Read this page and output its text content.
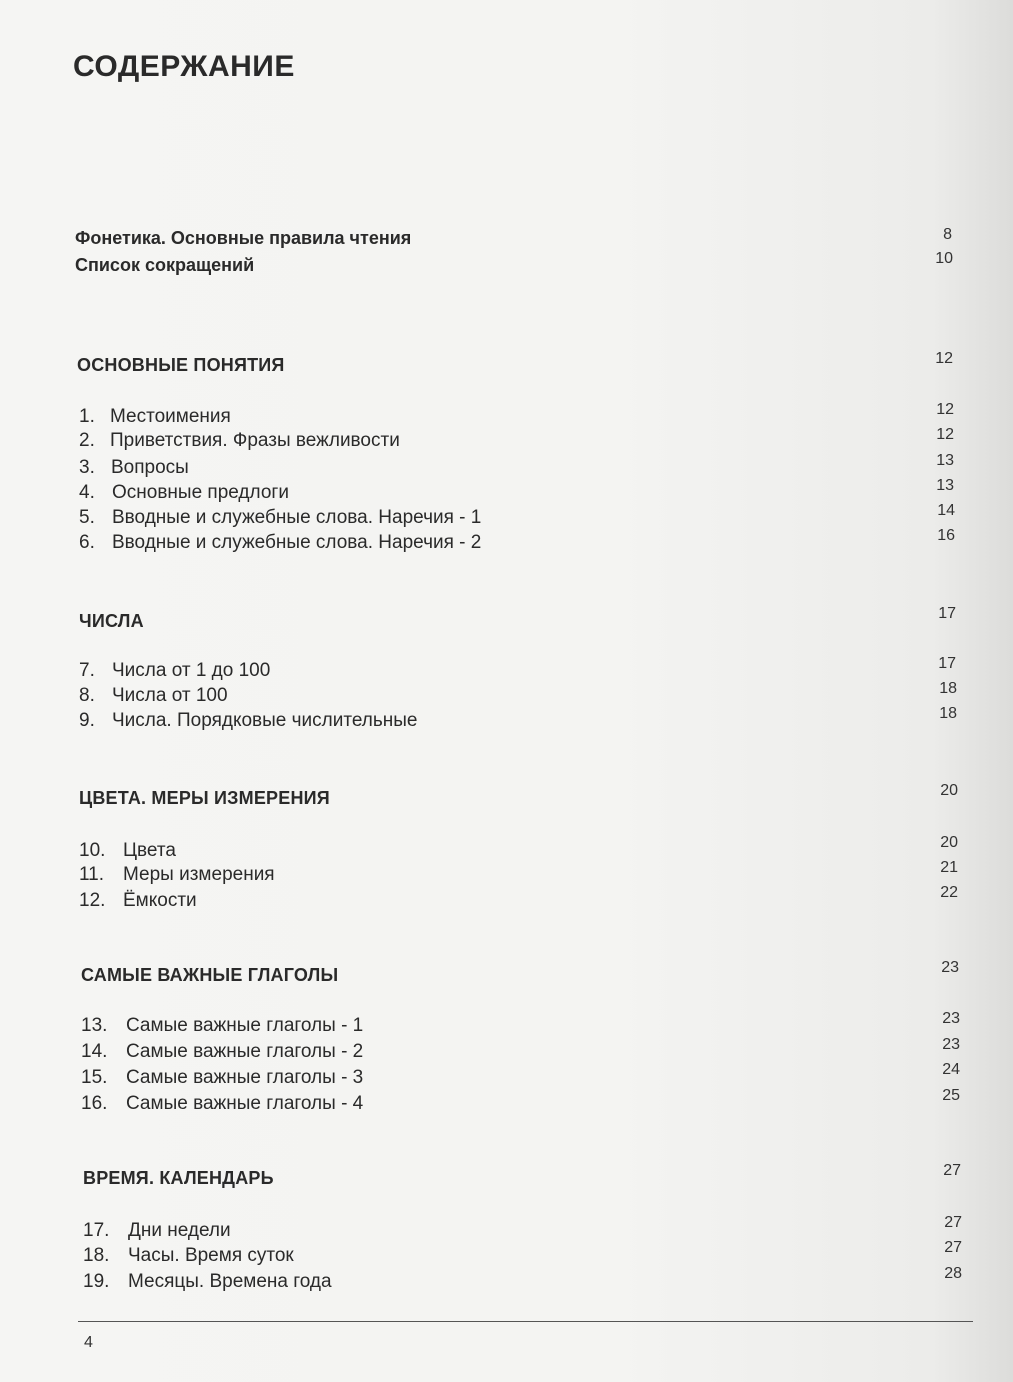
СОДЕРЖАНИЕ
Фонетика. Основные правила чтения	8
Список сокращений	10
ОСНОВНЫЕ ПОНЯТИЯ	12
1. Местоимения	12
2. Приветствия. Фразы вежливости	12
3. Вопросы	13
4. Основные предлоги	13
5. Вводные и служебные слова. Наречия - 1	14
6. Вводные и служебные слова. Наречия - 2	16
ЧИСЛА	17
7. Числа от 1 до 100	17
8. Числа от 100	18
9. Числа. Порядковые числительные	18
ЦВЕТА. МЕРЫ ИЗМЕРЕНИЯ	20
10. Цвета	20
11. Меры измерения	21
12. Ёмкости	22
САМЫЕ ВАЖНЫЕ ГЛАГОЛЫ	23
13. Самые важные глаголы - 1	23
14. Самые важные глаголы - 2	23
15. Самые важные глаголы - 3	24
16. Самые важные глаголы - 4	25
ВРЕМЯ. КАЛЕНДАРЬ	27
17. Дни недели	27
18. Часы. Время суток	27
19. Месяцы. Времена года	28
4
